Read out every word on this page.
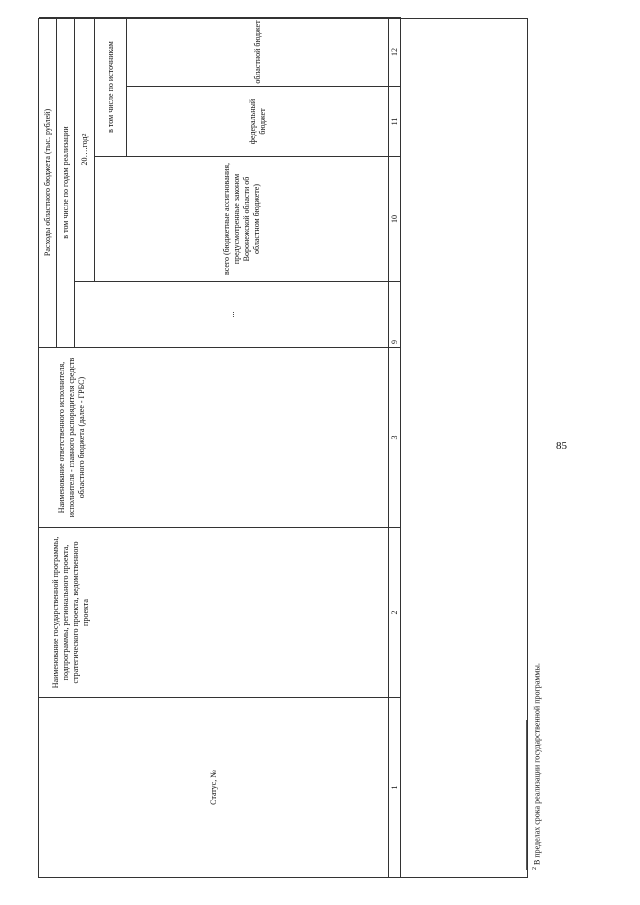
85
Статус, №
Наименование государственной программы, подпрограммы, регионального проекта, стратегического проекта, ведомственного проекта
Наименование ответственного исполнителя, исполнителя - главного распорядителя средств областного бюджета (далее - ГРБС)
Расходы областного бюджета (тыс. рублей)	в том числе по годам реализации
...
20….год
2
всего (бюджетные ассигнования, предусмотренные законом Воронежской области об областном бюджете)
в том числе по источникам	федеральный бюджет
областной бюджет
1
2
3
9
10
11
12
$^2$ В пределах срока реализации государственной программы.
